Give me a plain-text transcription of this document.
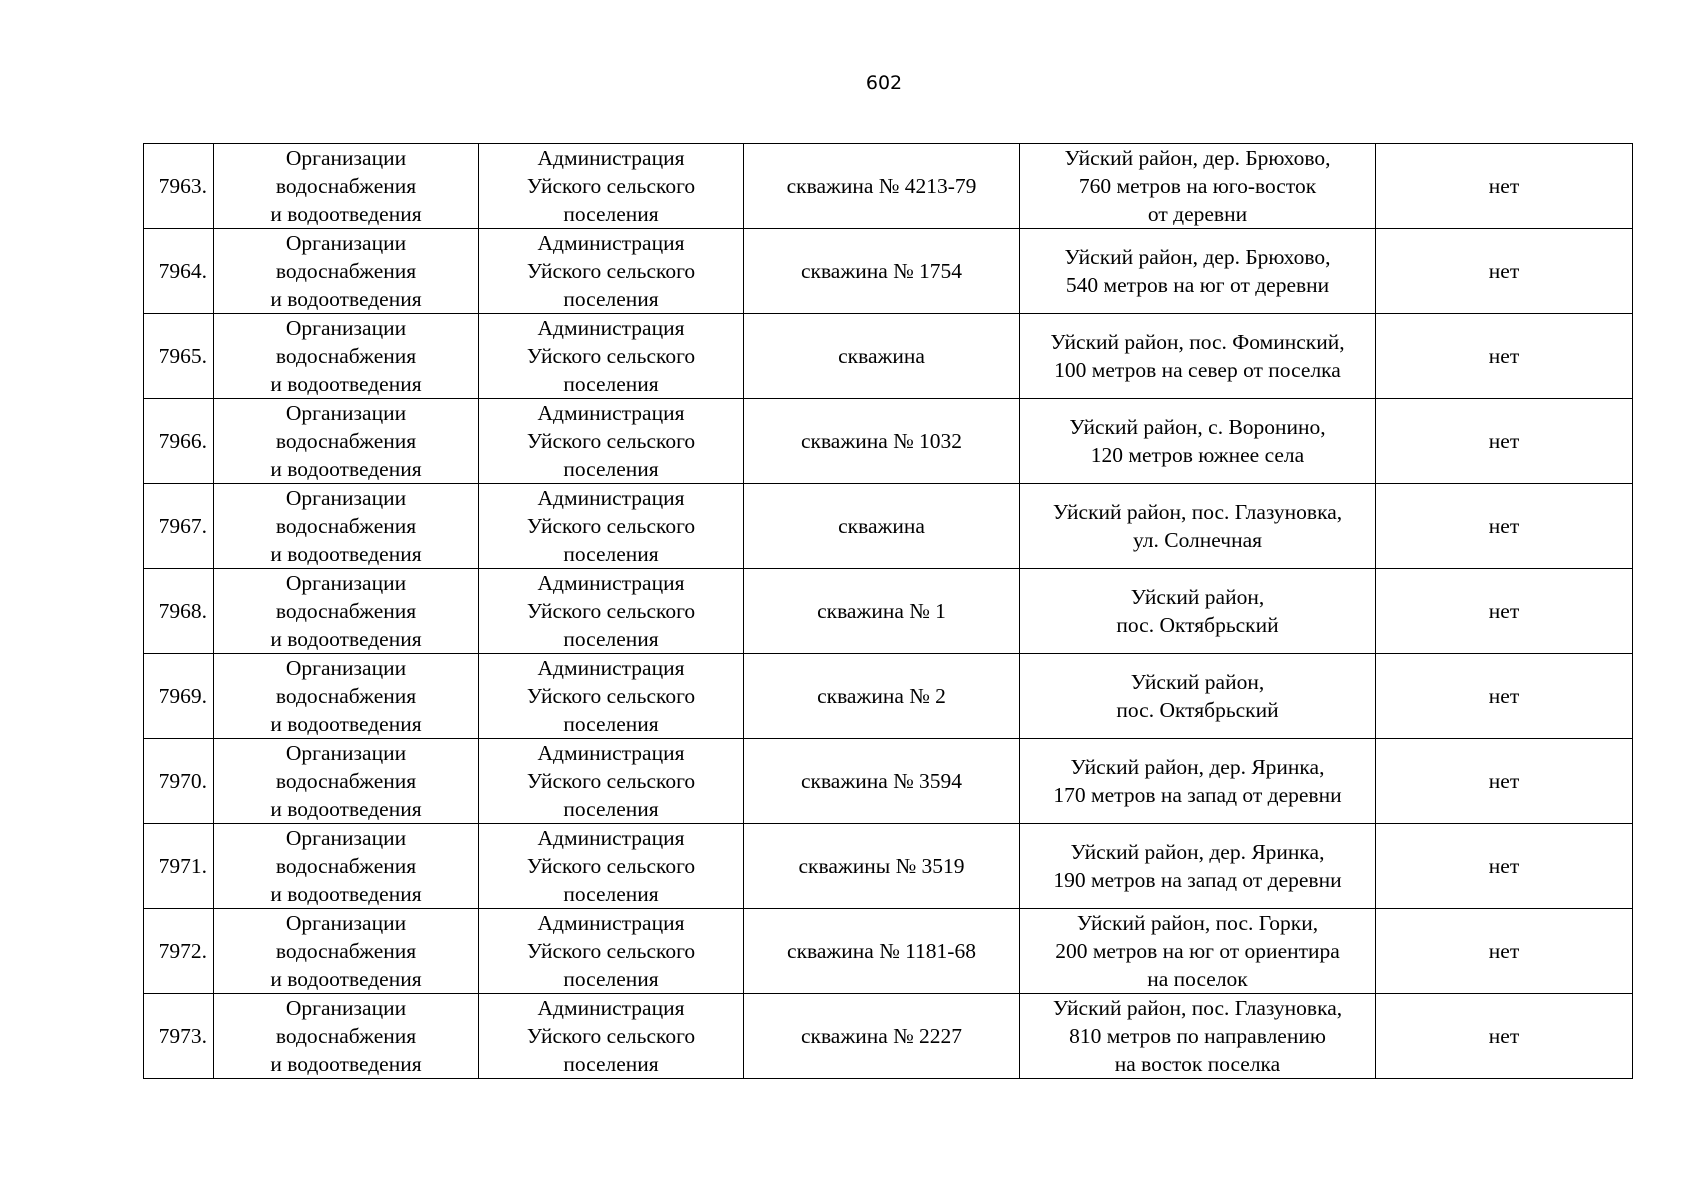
602
7963.	Организации
водоснабжения
и водоотведения	Администрация
Уйского сельского
поселения	скважина № 4213-79	Уйский район, дер. Брюхово,
760 метров на юго-восток
от деревни	нет
7964.	Организации
водоснабжения
и водоотведения	Администрация
Уйского сельского
поселения	скважина № 1754	Уйский район, дер. Брюхово,
540 метров на юг от деревни	нет
7965.	Организации
водоснабжения
и водоотведения	Администрация
Уйского сельского
поселения	скважина	Уйский район, пос. Фоминский,
100 метров на север от поселка	нет
7966.	Организации
водоснабжения
и водоотведения	Администрация
Уйского сельского
поселения	скважина № 1032	Уйский район, с. Воронино,
120 метров южнее села	нет
7967.	Организации
водоснабжения
и водоотведения	Администрация
Уйского сельского
поселения	скважина	Уйский район, пос. Глазуновка,
ул. Солнечная	нет
7968.	Организации
водоснабжения
и водоотведения	Администрация
Уйского сельского
поселения	скважина № 1	Уйский район,
пос. Октябрьский	нет
7969.	Организации
водоснабжения
и водоотведения	Администрация
Уйского сельского
поселения	скважина № 2	Уйский район,
пос. Октябрьский	нет
7970.	Организации
водоснабжения
и водоотведения	Администрация
Уйского сельского
поселения	скважина № 3594	Уйский район, дер. Яринка,
170 метров на запад от деревни	нет
7971.	Организации
водоснабжения
и водоотведения	Администрация
Уйского сельского
поселения	скважины № 3519	Уйский район, дер. Яринка,
190 метров на запад от деревни	нет
7972.	Организации
водоснабжения
и водоотведения	Администрация
Уйского сельского
поселения	скважина № 1181-68	Уйский район, пос. Горки,
200 метров на юг от ориентира
на поселок	нет
7973.	Организации
водоснабжения
и водоотведения	Администрация
Уйского сельского
поселения	скважина № 2227	Уйский район, пос. Глазуновка,
810 метров по направлению
на восток поселка	нет
